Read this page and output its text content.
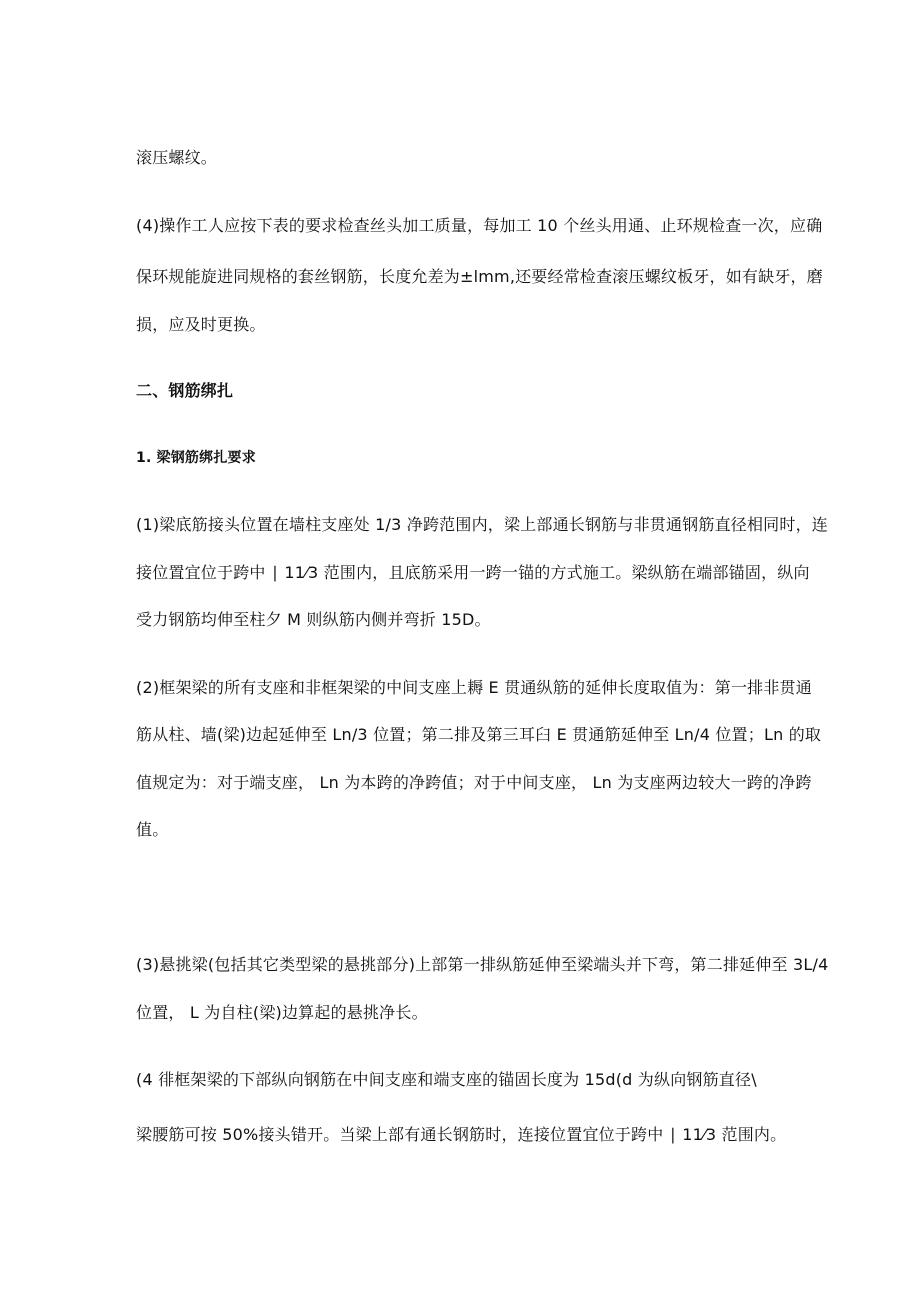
滚压螺纹。
(4)操作工人应按下表的要求检查丝头加工质量，每加工 10 个丝头用通、止环规检查一次，应确
保环规能旋进同规格的套丝钢筋，长度允差为±lmm,还要经常检查滚压螺纹板牙，如有缺牙，磨
损，应及时更换。
二、钢筋绑扎
1. 梁钢筋绑扎要求
(1)梁底筋接头位置在墙柱支座处 1/3 净跨范围内，梁上部通长钢筋与非贯通钢筋直径相同时，连
接位置宜位于跨中 ∣ 11⁄3 范围内，且底筋采用一跨一锚的方式施工。梁纵筋在端部锚固，纵向
受力钢筋均伸至柱夕 M 则纵筋内侧并弯折 15D。
(2)框架梁的所有支座和非框架梁的中间支座上耨 E 贯通纵筋的延伸长度取值为：第一排非贯通
筋从柱、墙(梁)边起延伸至 Ln/3 位置；第二排及第三耳臼 E 贯通筋延伸至 Ln/4 位置；Ln 的取
值规定为：对于端支座， Ln 为本跨的净跨值；对于中间支座， Ln 为支座两边较大一跨的净跨
值。
(3)悬挑梁(包括其它类型梁的悬挑部分)上部第一排纵筋延伸至梁端头并下弯，第二排延伸至 3L/4
位置， L 为自柱(梁)边算起的悬挑净长。
(4 徘框架梁的下部纵向钢筋在中间支座和端支座的锚固长度为 15d(d 为纵向钢筋直径\
梁腰筋可按 50%接头错开。当梁上部有通长钢筋时，连接位置宜位于跨中 ∣ 11⁄3 范围内。
